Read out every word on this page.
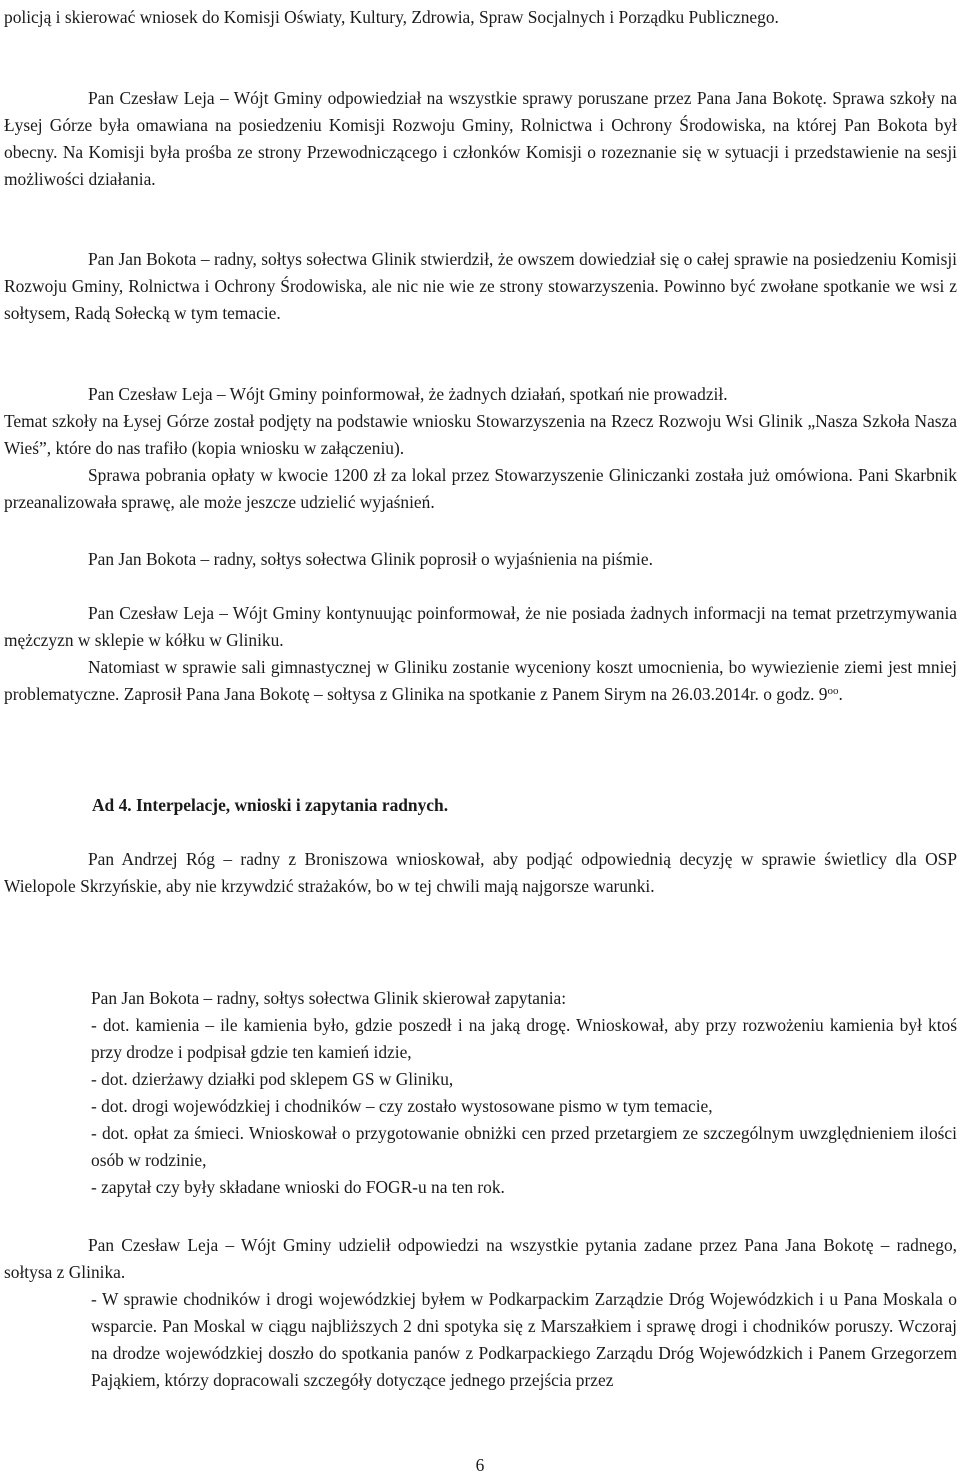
policją i skierować wniosek do Komisji Oświaty, Kultury, Zdrowia, Spraw Socjalnych i Porządku Publicznego.

Pan Czesław Leja – Wójt Gminy odpowiedział na wszystkie sprawy poruszane przez Pana Jana Bokotę. Sprawa szkoły na Łysej Górze była omawiana na posiedzeniu Komisji Rozwoju Gminy, Rolnictwa i Ochrony Środowiska, na której Pan Bokota był obecny. Na Komisji była prośba ze strony Przewodniczącego i członków Komisji o rozeznanie się w sytuacji i przedstawienie na sesji możliwości działania.

Pan Jan Bokota – radny, sołtys sołectwa Glinik stwierdził, że owszem dowiedział się o całej sprawie na posiedzeniu Komisji Rozwoju Gminy, Rolnictwa i Ochrony Środowiska, ale nic nie wie ze strony stowarzyszenia. Powinno być zwołane spotkanie we wsi z sołtysem, Radą Sołecką w tym temacie.

Pan Czesław Leja – Wójt Gminy poinformował, że żadnych działań, spotkań nie prowadził.

Temat szkoły na Łysej Górze został podjęty na podstawie wniosku Stowarzyszenia na Rzecz Rozwoju Wsi Glinik „Nasza Szkoła Nasza Wieś”, które do nas trafiło (kopia wniosku w załączeniu).

Sprawa pobrania opłaty w kwocie 1200 zł za lokal przez Stowarzyszenie Gliniczanki została już omówiona. Pani Skarbnik przeanalizowała sprawę, ale może jeszcze udzielić wyjaśnień.

Pan Jan Bokota – radny, sołtys sołectwa Glinik poprosił o wyjaśnienia na piśmie.

Pan Czesław Leja – Wójt Gminy kontynuując poinformował, że nie posiada żadnych informacji na temat przetrzymywania mężczyzn w sklepie w kółku w Gliniku.

Natomiast w sprawie sali gimnastycznej w Gliniku zostanie wyceniony koszt umocnienia, bo wywiezienie ziemi jest mniej problematyczne. Zaprosił Pana Jana Bokotę – sołtysa z Glinika na spotkanie z Panem Sirym na 26.03.2014r. o godz. $9^{oo}$.

Ad 4. Interpelacje, wnioski i zapytania radnych.

Pan Andrzej Róg – radny z Broniszowa wnioskował, aby podjąć odpowiednią decyzję w sprawie świetlicy dla OSP Wielopole Skrzyńskie, aby nie krzywdzić strażaków, bo w tej chwili mają najgorsze warunki.

Pan Jan Bokota – radny, sołtys sołectwa Glinik skierował zapytania:

- dot. kamienia – ile kamienia było, gdzie poszedł i na jaką drogę. Wnioskował, aby przy rozwożeniu kamienia był ktoś przy drodze i podpisał gdzie ten kamień idzie,

- dot. dzierżawy działki pod sklepem GS w Gliniku,

- dot. drogi wojewódzkiej i chodników – czy zostało wystosowane pismo w tym temacie,

- dot. opłat za śmieci. Wnioskował o przygotowanie obniżki cen przed przetargiem ze szczególnym uwzględnieniem ilości osób w rodzinie,

- zapytał czy były składane wnioski do FOGR-u na ten rok.

Pan Czesław Leja – Wójt Gminy udzielił odpowiedzi na wszystkie pytania zadane przez Pana Jana Bokotę – radnego, sołtysa z Glinika.

- W sprawie chodników i drogi wojewódzkiej byłem w Podkarpackim Zarządzie Dróg Wojewódzkich i u Pana Moskala o wsparcie. Pan Moskal w ciągu najbliższych 2 dni spotyka się z Marszałkiem i sprawę drogi i chodników poruszy. Wczoraj na drodze wojewódzkiej doszło do spotkania panów z Podkarpackiego Zarządu Dróg Wojewódzkich i Panem Grzegorzem Pająkiem, którzy dopracowali szczegóły dotyczące jednego przejścia przez

6
